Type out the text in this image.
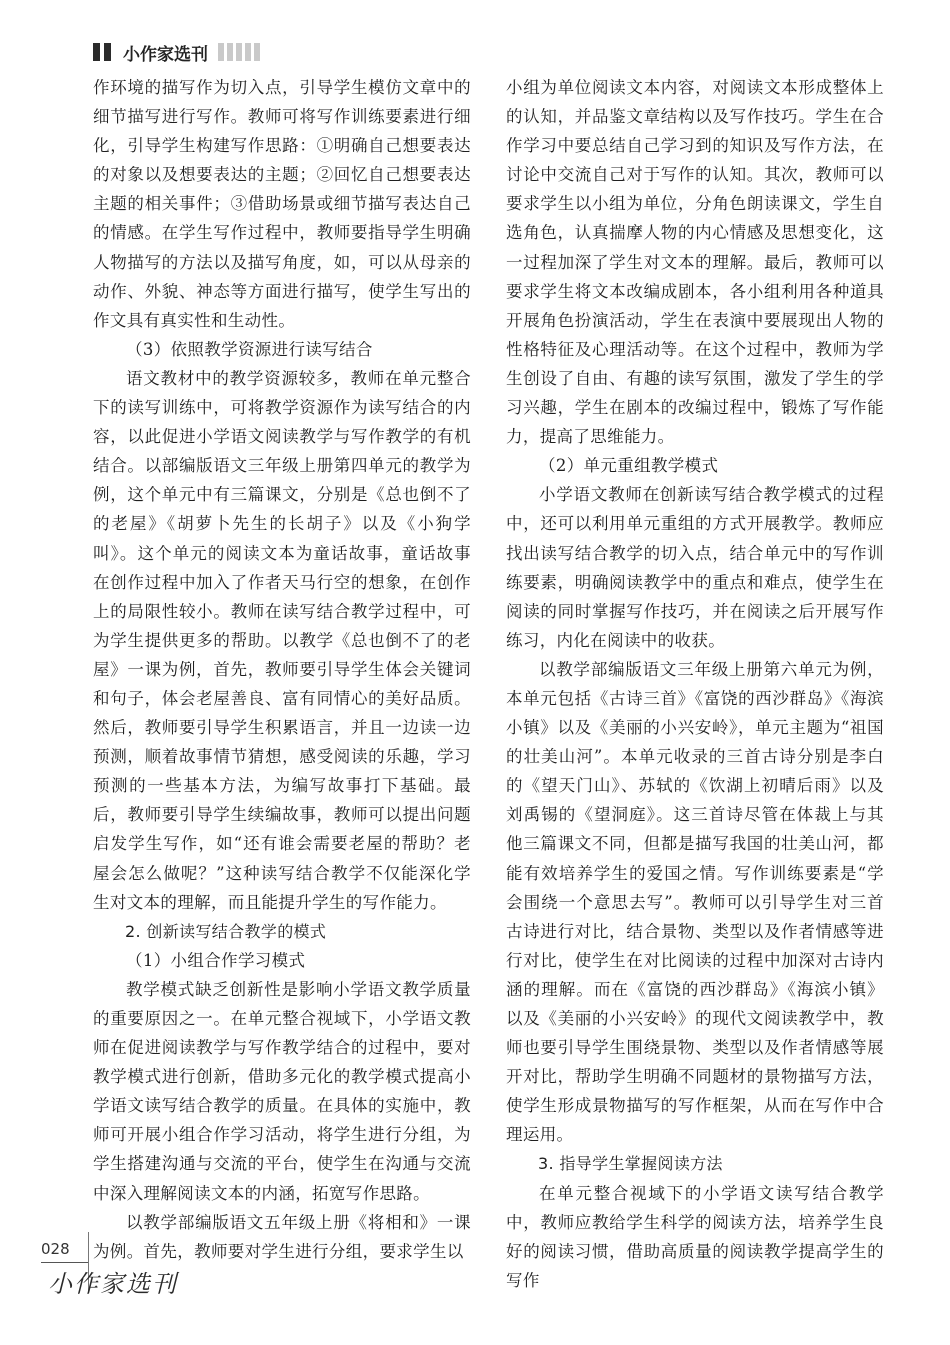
小作家选刊

作环境的描写作为切入点，引导学生模仿文章中的细节描写进行写作。教师可将写作训练要素进行细化，引导学生构建写作思路：①明确自己想要表达的对象以及想要表达的主题；②回忆自己想要表达主题的相关事件；③借助场景或细节描写表达自己的情感。在学生写作过程中，教师要指导学生明确人物描写的方法以及描写角度，如，可以从母亲的动作、外貌、神态等方面进行描写，使学生写出的作文具有真实性和生动性。

（3）依照教学资源进行读写结合

语文教材中的教学资源较多，教师在单元整合下的读写训练中，可将教学资源作为读写结合的内容，以此促进小学语文阅读教学与写作教学的有机结合。以部编版语文三年级上册第四单元的教学为例，这个单元中有三篇课文，分别是《总也倒不了的老屋》《胡萝卜先生的长胡子》以及《小狗学叫》。这个单元的阅读文本为童话故事，童话故事在创作过程中加入了作者天马行空的想象，在创作上的局限性较小。教师在读写结合教学过程中，可为学生提供更多的帮助。以教学《总也倒不了的老屋》一课为例，首先，教师要引导学生体会关键词和句子，体会老屋善良、富有同情心的美好品质。然后，教师要引导学生积累语言，并且一边读一边预测，顺着故事情节猜想，感受阅读的乐趣，学习预测的一些基本方法，为编写故事打下基础。最后，教师要引导学生续编故事，教师可以提出问题启发学生写作，如“还有谁会需要老屋的帮助？老屋会怎么做呢？”这种读写结合教学不仅能深化学生对文本的理解，而且能提升学生的写作能力。

2. 创新读写结合教学的模式

（1）小组合作学习模式

教学模式缺乏创新性是影响小学语文教学质量的重要原因之一。在单元整合视域下，小学语文教师在促进阅读教学与写作教学结合的过程中，要对教学模式进行创新，借助多元化的教学模式提高小学语文读写结合教学的质量。在具体的实施中，教师可开展小组合作学习活动，将学生进行分组，为学生搭建沟通与交流的平台，使学生在沟通与交流中深入理解阅读文本的内涵，拓宽写作思路。

以教学部编版语文五年级上册《将相和》一课为例。首先，教师要对学生进行分组，要求学生以

小组为单位阅读文本内容，对阅读文本形成整体上的认知，并品鉴文章结构以及写作技巧。学生在合作学习中要总结自己学习到的知识及写作方法，在讨论中交流自己对于写作的认知。其次，教师可以要求学生以小组为单位，分角色朗读课文，学生自选角色，认真揣摩人物的内心情感及思想变化，这一过程加深了学生对文本的理解。最后，教师可以要求学生将文本改编成剧本，各小组利用各种道具开展角色扮演活动，学生在表演中要展现出人物的性格特征及心理活动等。在这个过程中，教师为学生创设了自由、有趣的读写氛围，激发了学生的学习兴趣，学生在剧本的改编过程中，锻炼了写作能力，提高了思维能力。

（2）单元重组教学模式

小学语文教师在创新读写结合教学模式的过程中，还可以利用单元重组的方式开展教学。教师应找出读写结合教学的切入点，结合单元中的写作训练要素，明确阅读教学中的重点和难点，使学生在阅读的同时掌握写作技巧，并在阅读之后开展写作练习，内化在阅读中的收获。

以教学部编版语文三年级上册第六单元为例，本单元包括《古诗三首》《富饶的西沙群岛》《海滨小镇》以及《美丽的小兴安岭》，单元主题为“祖国的壮美山河”。本单元收录的三首古诗分别是李白的《望天门山》、苏轼的《饮湖上初晴后雨》以及刘禹锡的《望洞庭》。这三首诗尽管在体裁上与其他三篇课文不同，但都是描写我国的壮美山河，都能有效培养学生的爱国之情。写作训练要素是“学会围绕一个意思去写”。教师可以引导学生对三首古诗进行对比，结合景物、类型以及作者情感等进行对比，使学生在对比阅读的过程中加深对古诗内涵的理解。而在《富饶的西沙群岛》《海滨小镇》以及《美丽的小兴安岭》的现代文阅读教学中，教师也要引导学生围绕景物、类型以及作者情感等展开对比，帮助学生明确不同题材的景物描写方法，使学生形成景物描写的写作框架，从而在写作中合理运用。

3. 指导学生掌握阅读方法

在单元整合视域下的小学语文读写结合教学中，教师应教给学生科学的阅读方法，培养学生良好的阅读习惯，借助高质量的阅读教学提高学生的写作

028
小作家选刊
